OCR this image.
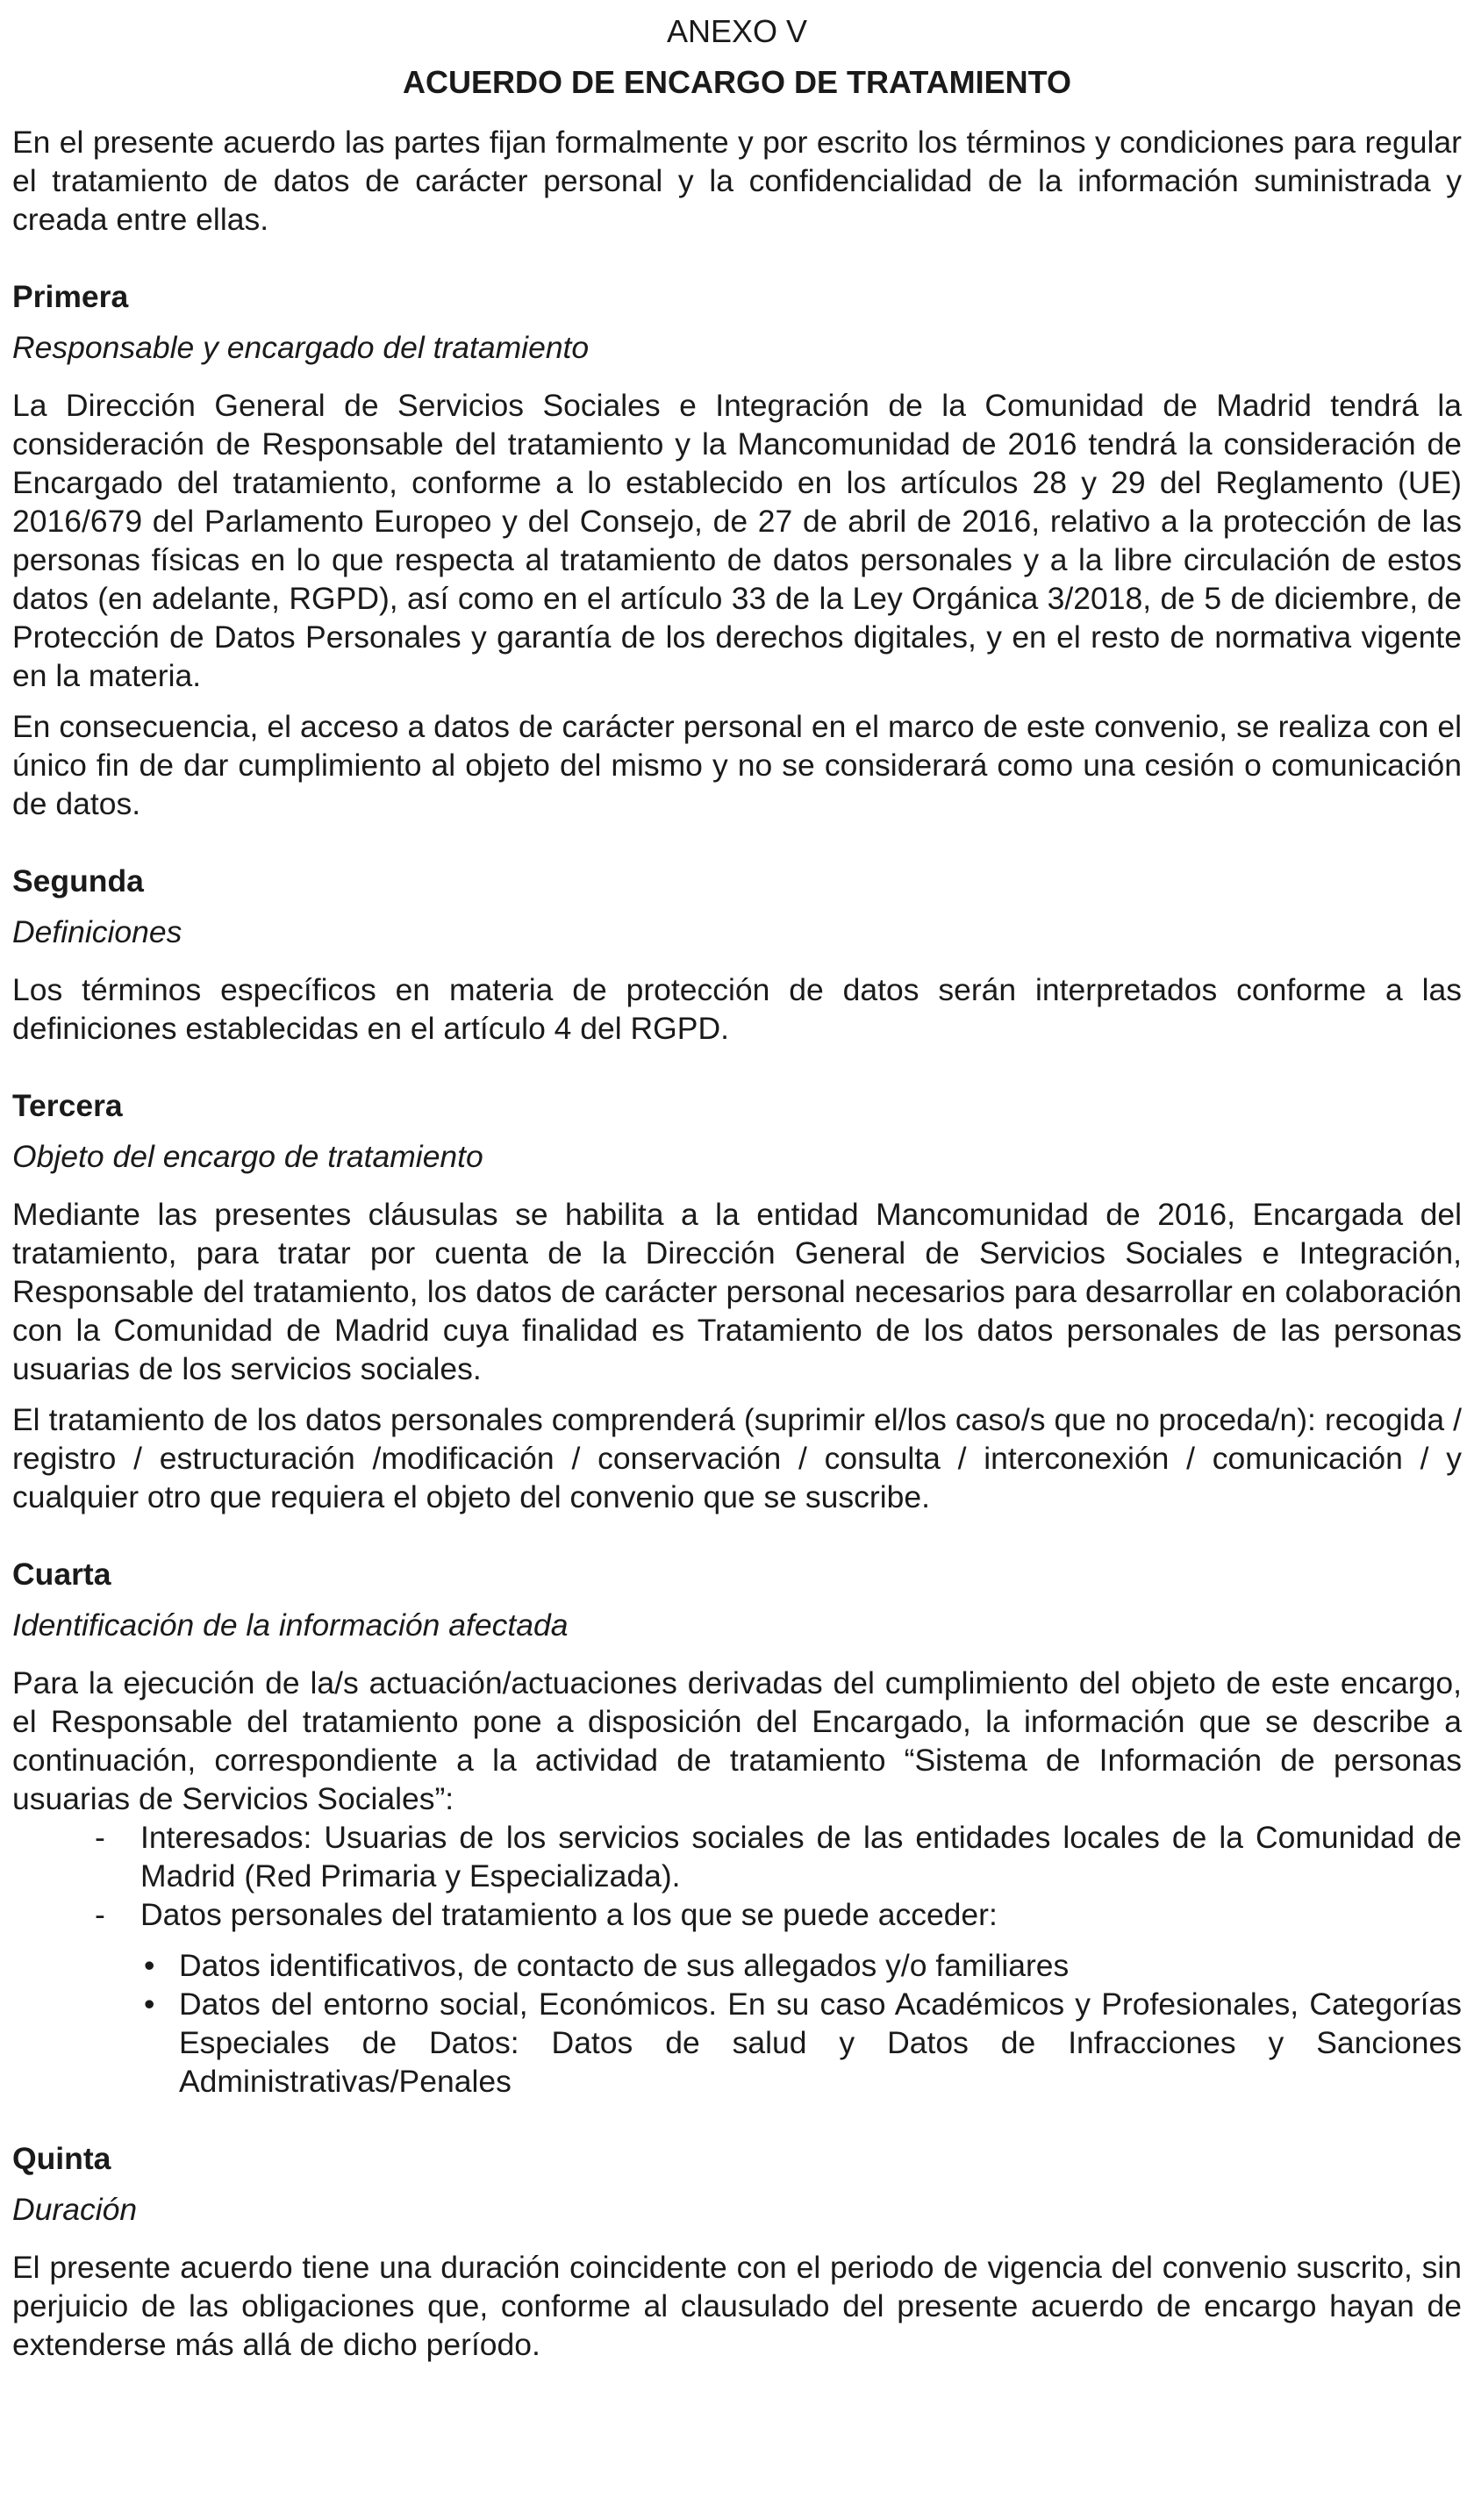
ANEXO V
ACUERDO DE ENCARGO DE TRATAMIENTO

En el presente acuerdo las partes fijan formalmente y por escrito los términos y condiciones para regular el tratamiento de datos de carácter personal y la confidencialidad de la información suministrada y creada entre ellas.

Primera
Responsable y encargado del tratamiento

La Dirección General de Servicios Sociales e Integración de la Comunidad de Madrid tendrá la consideración de Responsable del tratamiento y la Mancomunidad de 2016 tendrá la consideración de Encargado del tratamiento, conforme a lo establecido en los artículos 28 y 29 del Reglamento (UE) 2016/679 del Parlamento Europeo y del Consejo, de 27 de abril de 2016, relativo a la protección de las personas físicas en lo que respecta al tratamiento de datos personales y a la libre circulación de estos datos (en adelante, RGPD), así como en el artículo 33 de la Ley Orgánica 3/2018, de 5 de diciembre, de Protección de Datos Personales y garantía de los derechos digitales, y en el resto de normativa vigente en la materia.

En consecuencia, el acceso a datos de carácter personal en el marco de este convenio, se realiza con el único fin de dar cumplimiento al objeto del mismo y no se considerará como una cesión o comunicación de datos.

Segunda
Definiciones

Los términos específicos en materia de protección de datos serán interpretados conforme a las definiciones establecidas en el artículo 4 del RGPD.

Tercera
Objeto del encargo de tratamiento

Mediante las presentes cláusulas se habilita a la entidad Mancomunidad de 2016, Encargada del tratamiento, para tratar por cuenta de la Dirección General de Servicios Sociales e Integración, Responsable del tratamiento, los datos de carácter personal necesarios para desarrollar en colaboración con la Comunidad de Madrid cuya finalidad es Tratamiento de los datos personales de las personas usuarias de los servicios sociales.

El tratamiento de los datos personales comprenderá (suprimir el/los caso/s que no proceda/n): recogida / registro / estructuración /modificación / conservación / consulta / interconexión / comunicación / y cualquier otro que requiera el objeto del convenio que se suscribe.

Cuarta
Identificación de la información afectada

Para la ejecución de la/s actuación/actuaciones derivadas del cumplimiento del objeto de este encargo, el Responsable del tratamiento pone a disposición del Encargado, la información que se describe a continuación, correspondiente a la actividad de tratamiento “Sistema de Información de personas usuarias de Servicios Sociales”:

- Interesados: Usuarias de los servicios sociales de las entidades locales de la Comunidad de Madrid (Red Primaria y Especializada).
- Datos personales del tratamiento a los que se puede acceder:
• Datos identificativos, de contacto de sus allegados y/o familiares
• Datos del entorno social, Económicos. En su caso Académicos y Profesionales, Categorías Especiales de Datos: Datos de salud y Datos de Infracciones y Sanciones Administrativas/Penales
Quinta
Duración

El presente acuerdo tiene una duración coincidente con el periodo de vigencia del convenio suscrito, sin perjuicio de las obligaciones que, conforme al clausulado del presente acuerdo de encargo hayan de extenderse más allá de dicho período.
